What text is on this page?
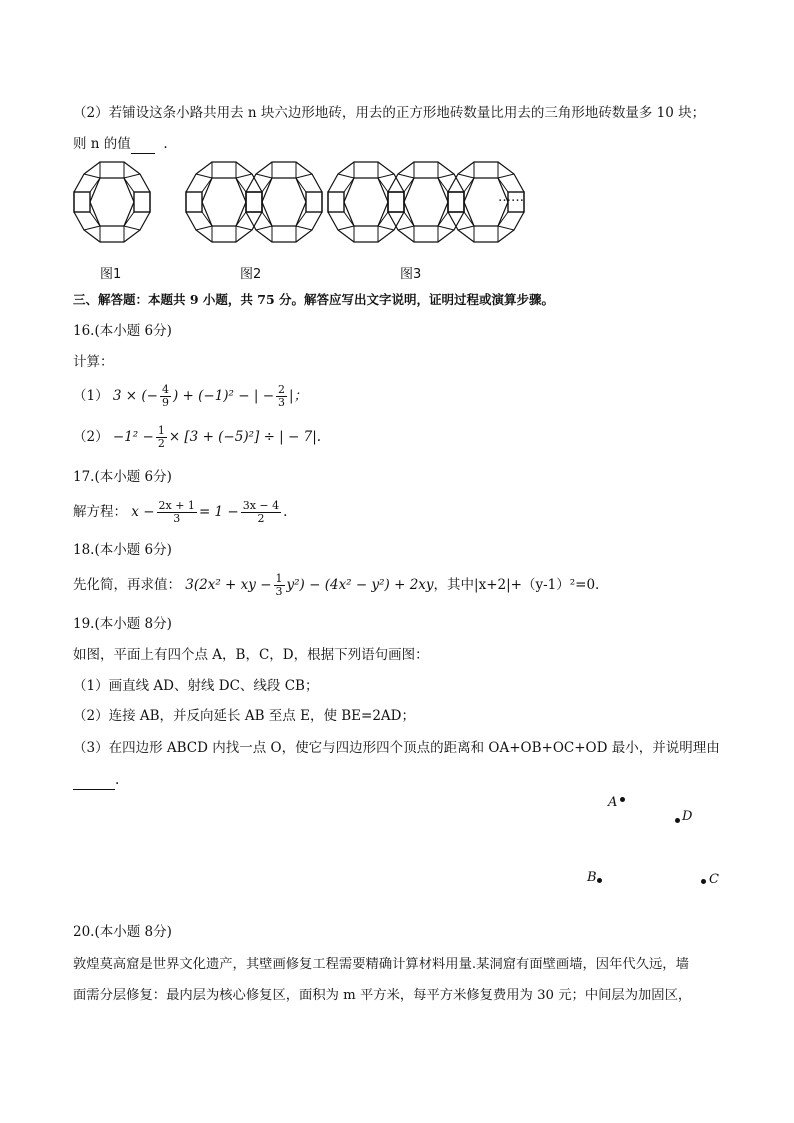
（2）若铺设这条小路共用去 n 块六边形地砖，用去的正方形地砖数量比用去的三角形地砖数量多 10 块；
则 n 的值 .
……
图1	图2	图3
三、解答题：本题共 9 小题，共 75 分。解答应写出文字说明，证明过程或演算步骤。
16.(本小题 6分)
计算：
（1） 3 × (− $\frac{4}{9}$ ) + (−1)² − | − $\frac{2}{3}$ |；
$(2) -1^2 - \frac{1}{2} \times [3 + (-5)^2]$ ÷ | − 7|.
17.(本小题 6分)
解方程： $x - \frac{2x + 1}{3} = 1 - \frac{3x - 4}{2}$ .
18.(本小题 6分)
先化简，再求值： 3(2x² + xy − $\frac{1}{3} y^2) - (4x^2 - y^2) + 2xy$，其中|x+2|+（y-1）²=0.
19.(本小题 8分)
如图，平面上有四个点 A，B，C，D，根据下列语句画图：
（1）画直线 AD、射线 DC、线段 CB；
（2）连接 AB，并反向延长 AB 至点 E，使 BE=2AD；
（3）在四边形 ABCD 内找一点 O，使它与四边形四个顶点的距离和 OA+OB+OC+OD 最小，并说明理由
.
A
D
B	C
20.(本小题 8分)
敦煌莫高窟是世界文化遗产，其壁画修复工程需要精确计算材料用量.某洞窟有面壁画墙，因年代久远，墙
面需分层修复：最内层为核心修复区，面积为 m 平方米，每平方米修复费用为 30 元；中间层为加固区，
